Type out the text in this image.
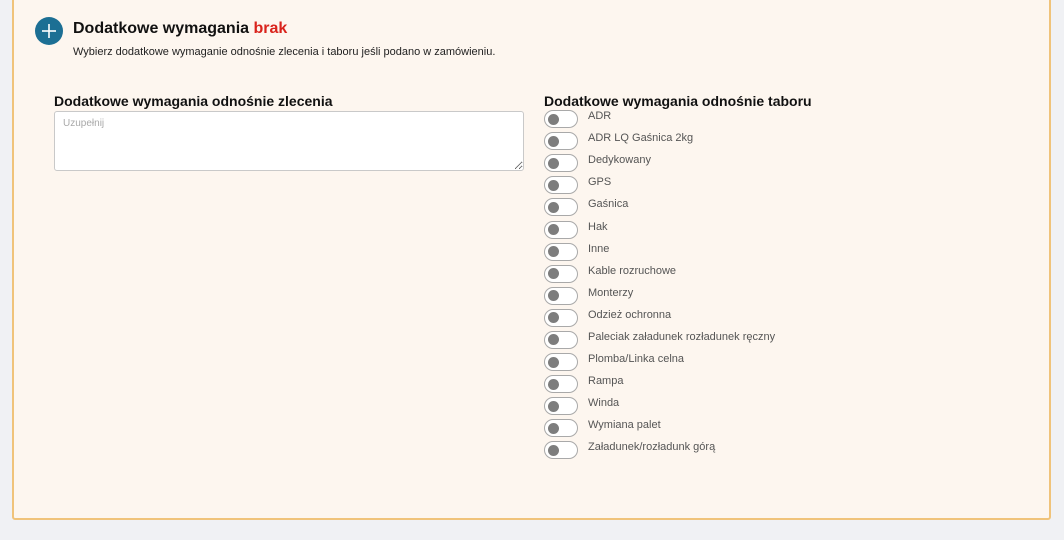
Dodatkowe wymagania brak
Wybierz dodatkowe wymaganie odnośnie zlecenia i taboru jeśli podano w zamówieniu.
Dodatkowe wymagania odnośnie zlecenia
Uzupełnij	Dodatkowe wymagania odnośnie taboru
ADR
ADR LQ Gaśnica 2kg
Dedykowany
GPS
Gaśnica
Hak
Inne
Kable rozruchowe
Monterzy
Odzież ochronna
Paleciak załadunek rozładunek ręczny
Plomba/Linka celna
Rampa
Winda
Wymiana palet
Załadunek/rozładunk górą
